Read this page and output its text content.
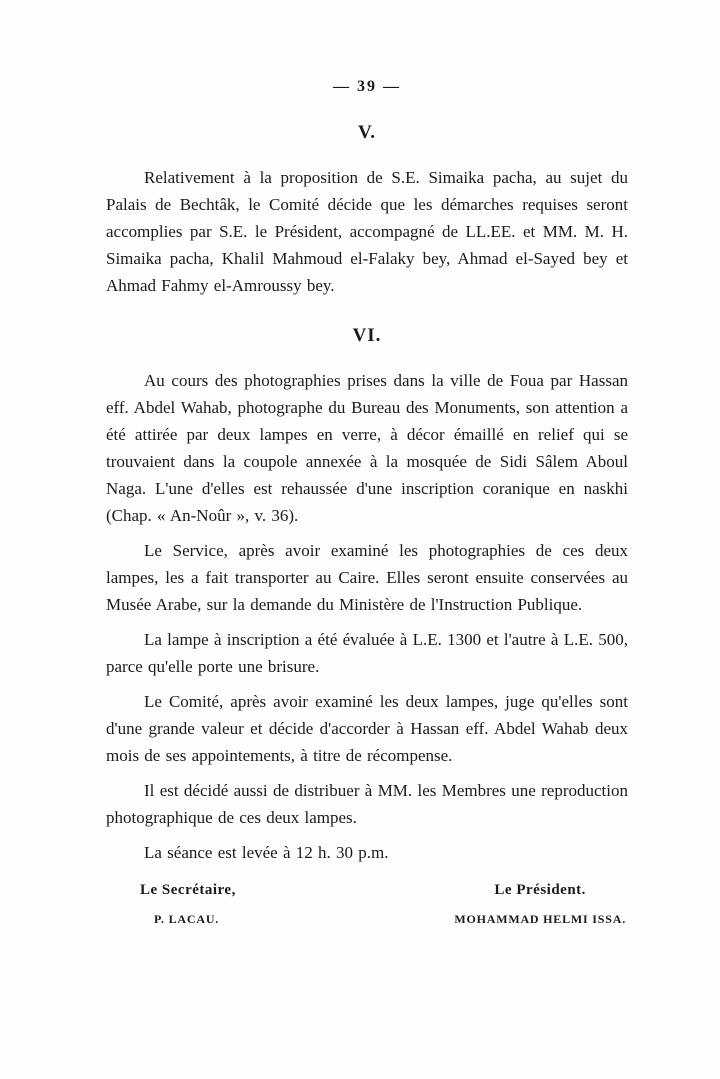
— 39 —
V.

Relativement à la proposition de S.E. Simaika pacha, au sujet du Palais de Bechtâk, le Comité décide que les démarches requises seront accomplies par S.E. le Président, accompagné de LL.EE. et MM. M. H. Simaika pacha, Khalil Mahmoud el-Falaky bey, Ahmad el-Sayed bey et Ahmad Fahmy el-Amroussy bey.

VI.

Au cours des photographies prises dans la ville de Foua par Hassan eff. Abdel Wahab, photographe du Bureau des Monuments, son attention a été attirée par deux lampes en verre, à décor émaillé en relief qui se trouvaient dans la coupole annexée à la mosquée de Sidi Sâlem Aboul Naga. L'une d'elles est rehaussée d'une inscription coranique en naskhi (Chap. « An-Noûr », v. 36).

Le Service, après avoir examiné les photographies de ces deux lampes, les a fait transporter au Caire. Elles seront ensuite conservées au Musée Arabe, sur la demande du Ministère de l'Instruction Publique.

La lampe à inscription a été évaluée à L.E. 1300 et l'autre à L.E. 500, parce qu'elle porte une brisure.

Le Comité, après avoir examiné les deux lampes, juge qu'elles sont d'une grande valeur et décide d'accorder à Hassan eff. Abdel Wahab deux mois de ses appointements, à titre de récompense.

Il est décidé aussi de distribuer à MM. les Membres une reproduction photographique de ces deux lampes.

La séance est levée à 12 h. 30 p.m.

Le Secrétaire,
P. LACAU.
Le Président.
MOHAMMAD HELMI ISSA.
